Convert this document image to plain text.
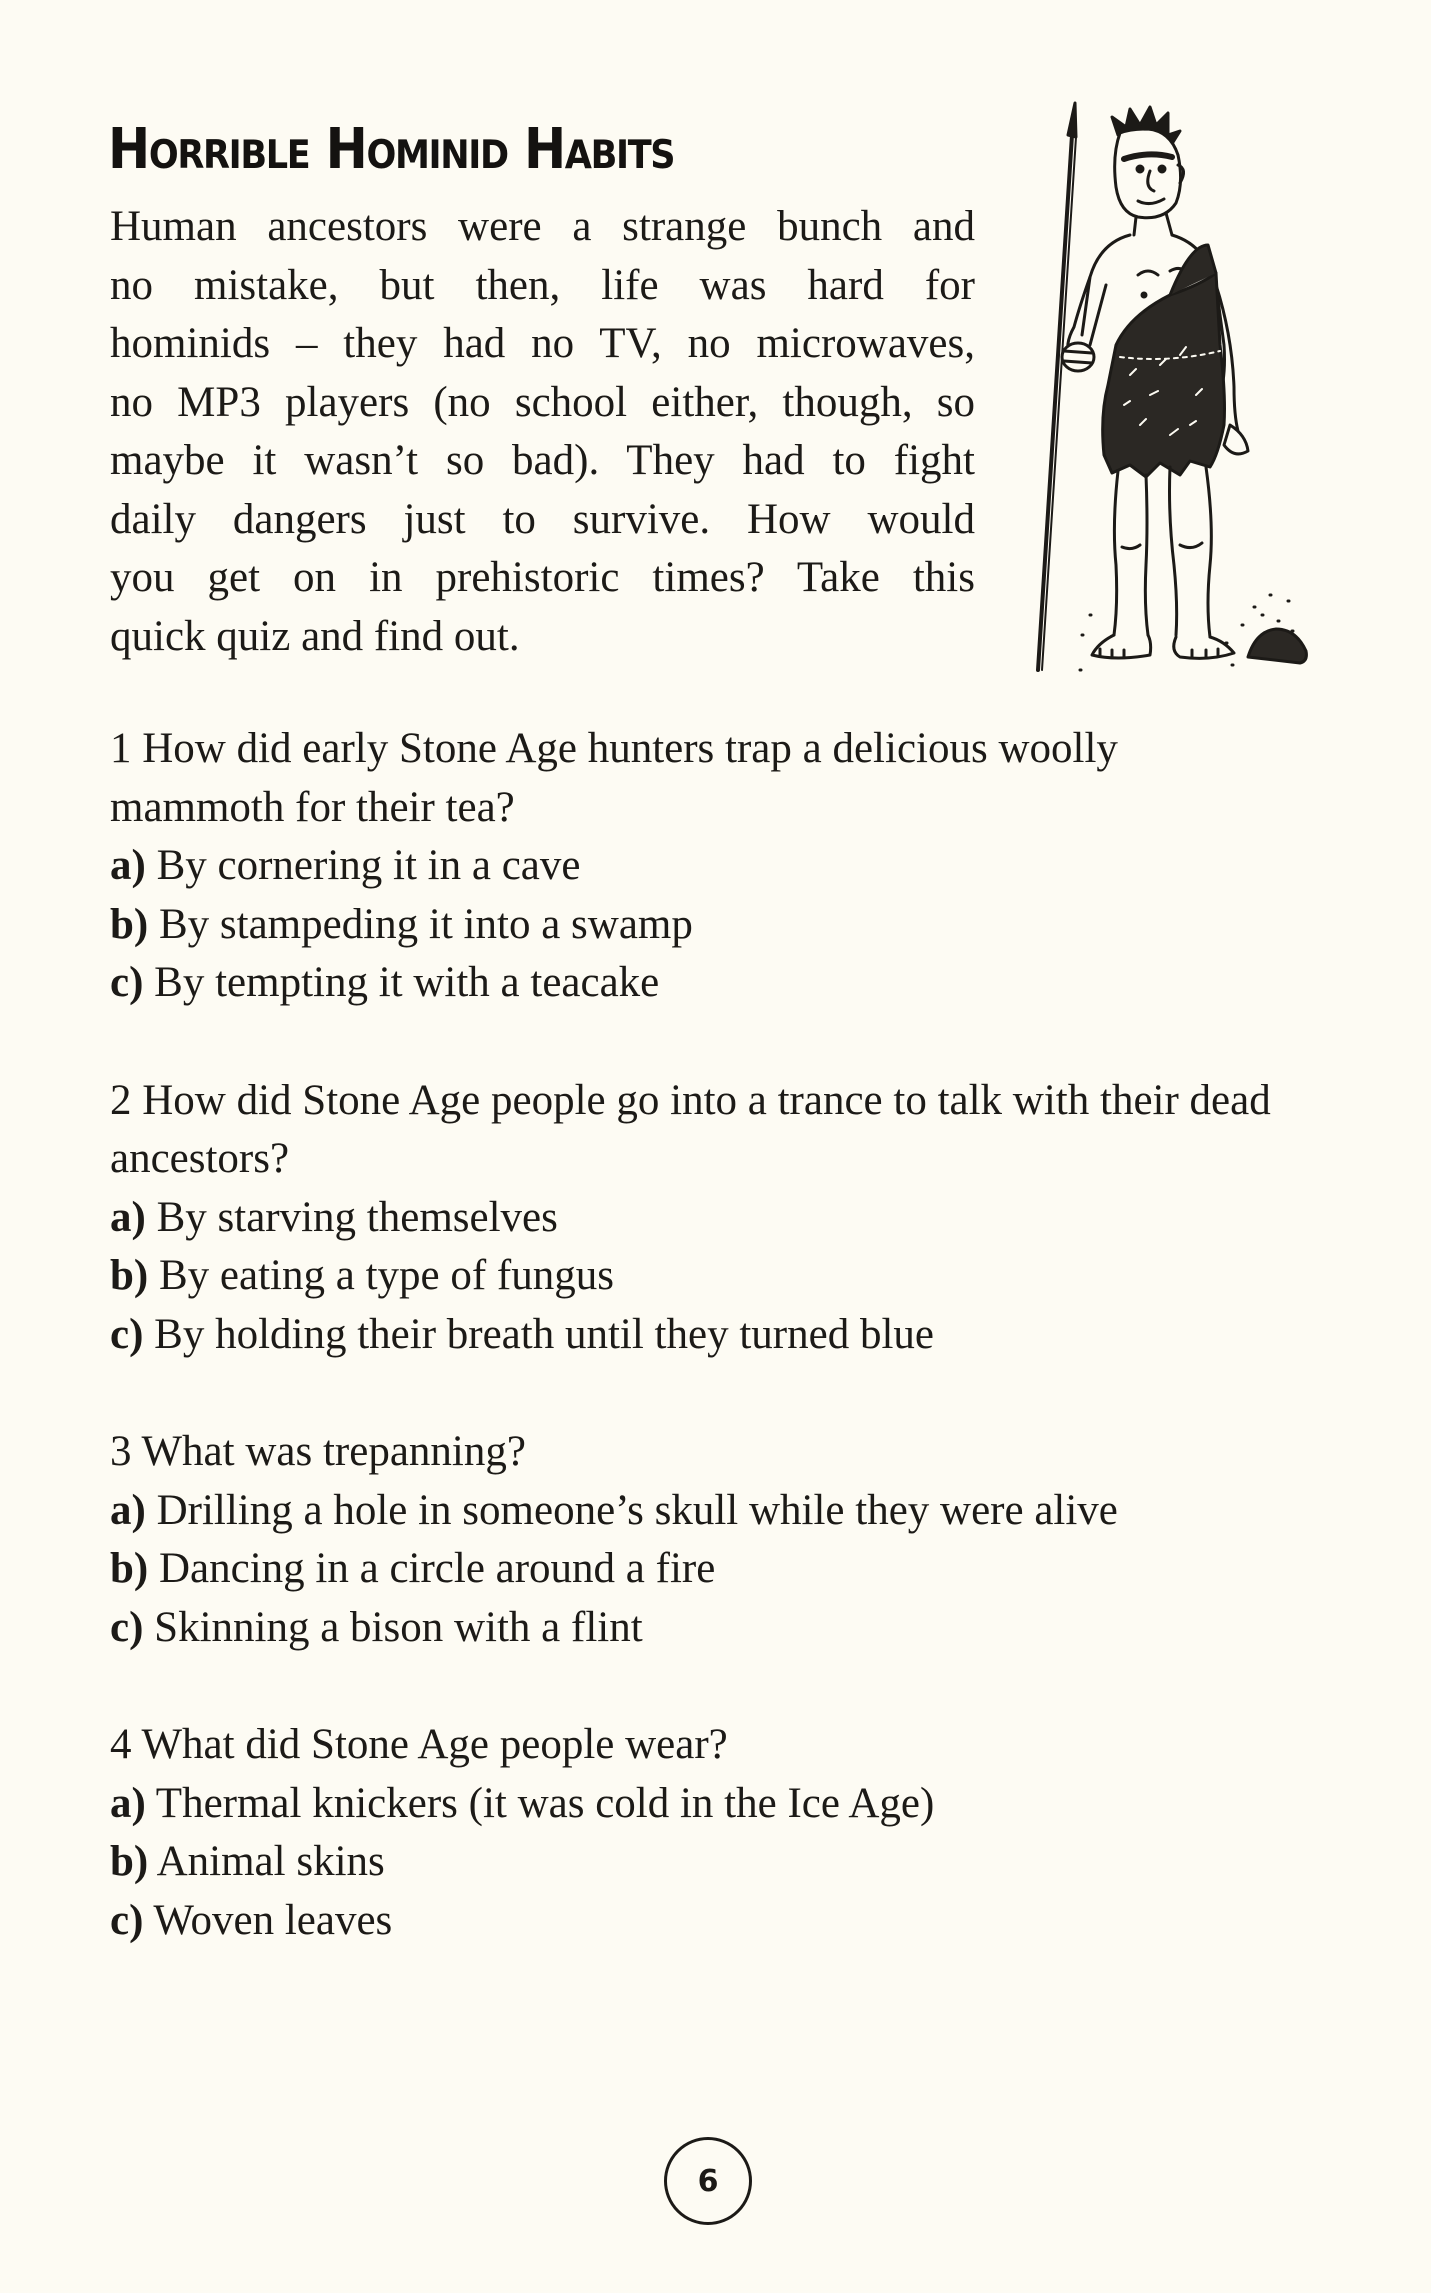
Horrible Hominid Habits

Human ancestors were a strange bunch and
no mistake, but then, life was hard for
hominids – they had no TV, no microwaves,
no MP3 players (no school either, though, so
maybe it wasn’t so bad). They had to fight
daily dangers just to survive. How would
you get on in prehistoric times? Take this
quick quiz and find out.

1 How did early Stone Age hunters trap a delicious woolly mammoth for their tea?
a) By cornering it in a cave
b) By stampeding it into a swamp
c) By tempting it with a teacake
2 How did Stone Age people go into a trance to talk with their dead ancestors?
a) By starving themselves
b) By eating a type of fungus
c) By holding their breath until they turned blue
3 What was trepanning?
a) Drilling a hole in someone’s skull while they were alive
b) Dancing in a circle around a fire
c) Skinning a bison with a flint
4 What did Stone Age people wear?
a) Thermal knickers (it was cold in the Ice Age)
b) Animal skins
c) Woven leaves
6
